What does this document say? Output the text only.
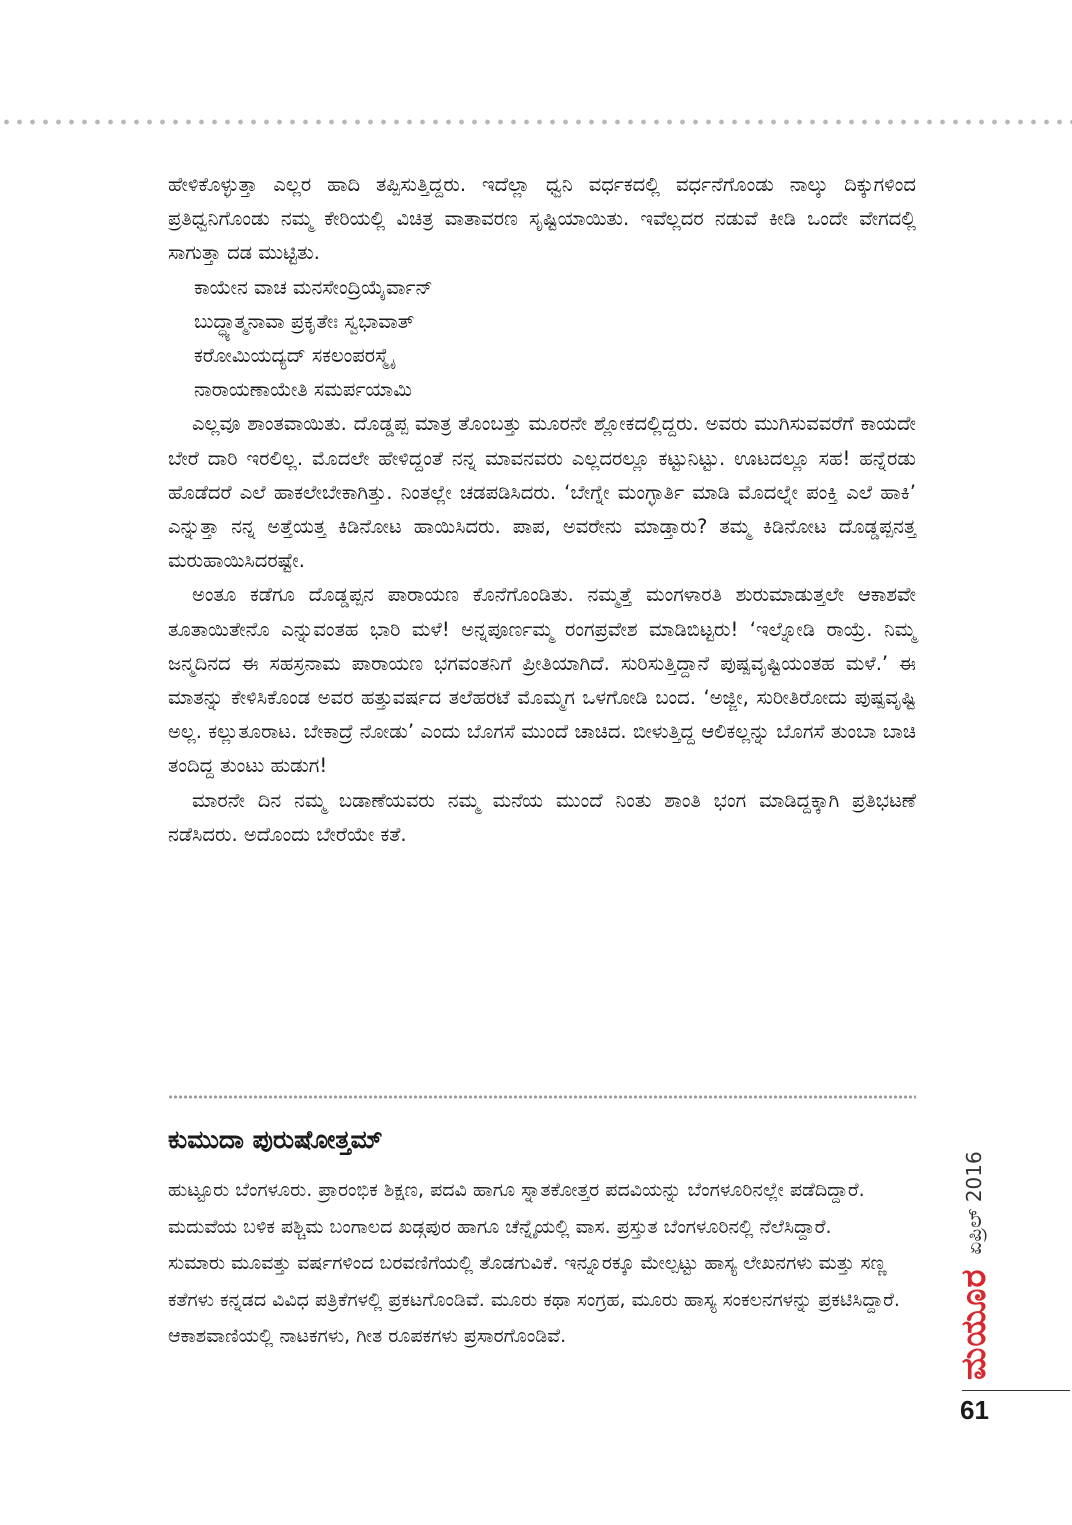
ಹೇಳಿಕೊಳ್ಳುತ್ತಾ ಎಲ್ಲರ ಹಾದಿ ತಪ್ಪಿಸುತ್ತಿದ್ದರು. ಇದೆಲ್ಲಾ ಧ್ವನಿ ವರ್ಧಕದಲ್ಲಿ ವರ್ಧನೆಗೊಂಡು ನಾಲ್ಕು ದಿಕ್ಕುಗಳಿಂದ ಪ್ರತಿಧ್ವನಿಗೊಂಡು ನಮ್ಮ ಕೇರಿಯಲ್ಲಿ ವಿಚಿತ್ರ ವಾತಾವರಣ ಸೃಷ್ಟಿಯಾಯಿತು. ಇವೆಲ್ಲದರ ನಡುವೆ ಕೀಡಿ ಒಂದೇ ವೇಗದಲ್ಲಿ ಸಾಗುತ್ತಾ ದಡ ಮುಟ್ಟಿತು.

ಕಾಯೇನ ವಾಚ ಮನಸೇಂದ್ರಿಯೈರ್ವಾನ್

ಬುದ್ಧ್ಯಾತ್ಮನಾವಾ ಪ್ರಕೃತೇಃ ಸ್ವಭಾವಾತ್

ಕರೋಮಿಯದ್ಯದ್ ಸಕಲಂಪರಸ್ಮೈ

ನಾರಾಯಣಾಯೇತಿ ಸಮರ್ಪಯಾಮಿ

ಎಲ್ಲವೂ ಶಾಂತವಾಯಿತು. ದೊಡ್ಡಪ್ಪ ಮಾತ್ರ ತೊಂಬತ್ತು ಮೂರನೇ ಶ್ಲೋಕದಲ್ಲಿದ್ದರು. ಅವರು ಮುಗಿಸುವವರೆಗೆ ಕಾಯದೇ ಬೇರೆ ದಾರಿ ಇರಲಿಲ್ಲ. ಮೊದಲೇ ಹೇಳಿದ್ದಂತೆ ನನ್ನ ಮಾವನವರು ಎಲ್ಲದರಲ್ಲೂ ಕಟ್ಟುನಿಟ್ಟು. ಊಟದಲ್ಲೂ ಸಹ! ಹನ್ನೆರಡು ಹೊಡೆದರೆ ಎಲೆ ಹಾಕಲೇಬೇಕಾಗಿತ್ತು. ನಿಂತಲ್ಲೇ ಚಡಪಡಿಸಿದರು. ‘ಬೇಗ್ನೇ ಮಂಗ್ಳಾರ್ತಿ ಮಾಡಿ ಮೊದಲ್ನೇ ಪಂಕ್ತಿ ಎಲೆ ಹಾಕಿ’ ಎನ್ನುತ್ತಾ ನನ್ನ ಅತ್ತೆಯತ್ತ ಕಿಡಿನೋಟ ಹಾಯಿಸಿದರು. ಪಾಪ, ಅವರೇನು ಮಾಡ್ತಾರು? ತಮ್ಮ ಕಿಡಿನೋಟ ದೊಡ್ಡಪ್ಪನತ್ತ ಮರುಹಾಯಿಸಿದರಷ್ಟೇ.

ಅಂತೂ ಕಡೆಗೂ ದೊಡ್ಡಪ್ಪನ ಪಾರಾಯಣ ಕೊನೆಗೊಂಡಿತು. ನಮ್ಮತ್ತೆ ಮಂಗಳಾರತಿ ಶುರುಮಾಡುತ್ತಲೇ ಆಕಾಶವೇ ತೂತಾಯಿತೇನೊ ಎನ್ನುವಂತಹ ಭಾರಿ ಮಳೆ! ಅನ್ನಪೂರ್ಣಮ್ಮ ರಂಗಪ್ರವೇಶ ಮಾಡಿಬಿಟ್ಟರು! ‘ಇಲ್ನೋಡಿ ರಾಯ್ರೆ. ನಿಮ್ಮ ಜನ್ಮದಿನದ ಈ ಸಹಸ್ರನಾಮ ಪಾರಾಯಣ ಭಗವಂತನಿಗೆ ಪ್ರೀತಿಯಾಗಿದೆ. ಸುರಿಸುತ್ತಿದ್ದಾನೆ ಪುಷ್ಪವೃಷ್ಟಿಯಂತಹ ಮಳೆ.’ ಈ ಮಾತನ್ನು ಕೇಳಿಸಿಕೊಂಡ ಅವರ ಹತ್ತುವರ್ಷದ ತಲೆಹರಟೆ ಮೊಮ್ಮಗ ಒಳಗೋಡಿ ಬಂದ. ‘ಅಜ್ಜೀ, ಸುರೀತಿರೋದು ಪುಷ್ಪವೃಷ್ಟಿ ಅಲ್ಲ. ಕಲ್ಲುತೂರಾಟ. ಬೇಕಾದ್ರೆ ನೋಡು’ ಎಂದು ಬೊಗಸೆ ಮುಂದೆ ಚಾಚಿದ. ಬೀಳುತ್ತಿದ್ದ ಆಲಿಕಲ್ಲನ್ನು ಬೊಗಸೆ ತುಂಬಾ ಬಾಚಿ ತಂದಿದ್ದ ತುಂಟು ಹುಡುಗ!

ಮಾರನೇ ದಿನ ನಮ್ಮ ಬಡಾಣೆಯವರು ನಮ್ಮ ಮನೆಯ ಮುಂದೆ ನಿಂತು ಶಾಂತಿ ಭಂಗ ಮಾಡಿದ್ದಕ್ಕಾಗಿ ಪ್ರತಿಭಟಣೆ ನಡೆಸಿದರು. ಅದೊಂದು ಬೇರೆಯೇ ಕತೆ.

ಕುಮುದಾ ಪುರುಷೋತ್ತಮ್

ಹುಟ್ಟೂರು ಬೆಂಗಳೂರು. ಪ್ರಾರಂಭಿಕ ಶಿಕ್ಷಣ, ಪದವಿ ಹಾಗೂ ಸ್ನಾತಕೋತ್ತರ ಪದವಿಯನ್ನು ಬೆಂಗಳೂರಿನಲ್ಲೇ ಪಡೆದಿದ್ದಾರೆ. ಮದುವೆಯ ಬಳಿಕ ಪಶ್ಚಿಮ ಬಂಗಾಲದ ಖಡ್ಗಪುರ ಹಾಗೂ ಚೆನ್ನೈಯಲ್ಲಿ ವಾಸ. ಪ್ರಸ್ತುತ ಬೆಂಗಳೂರಿನಲ್ಲಿ ನೆಲೆಸಿದ್ದಾರೆ.

ಸುಮಾರು ಮೂವತ್ತು ವರ್ಷಗಳಿಂದ ಬರವಣಿಗೆಯಲ್ಲಿ ತೊಡಗುವಿಕೆ. ಇನ್ನೂರಕ್ಕೂ ಮೇಲ್ಪಟ್ಟು ಹಾಸ್ಯ ಲೇಖನಗಳು ಮತ್ತು ಸಣ್ಣ ಕತೆಗಳು ಕನ್ನಡದ ವಿವಿಧ ಪತ್ರಿಕೆಗಳಲ್ಲಿ ಪ್ರಕಟಗೊಂಡಿವೆ. ಮೂರು ಕಥಾ ಸಂಗ್ರಹ, ಮೂರು ಹಾಸ್ಯ ಸಂಕಲನಗಳನ್ನು ಪ್ರಕಟಿಸಿದ್ದಾರೆ. ಆಕಾಶವಾಣಿಯಲ್ಲಿ ನಾಟಕಗಳು, ಗೀತ ರೂಪಕಗಳು ಪ್ರಸಾರಗೊಂಡಿವೆ.	ಮಯೂರ
ಏಪ್ರಿಲ್ 2016

61
